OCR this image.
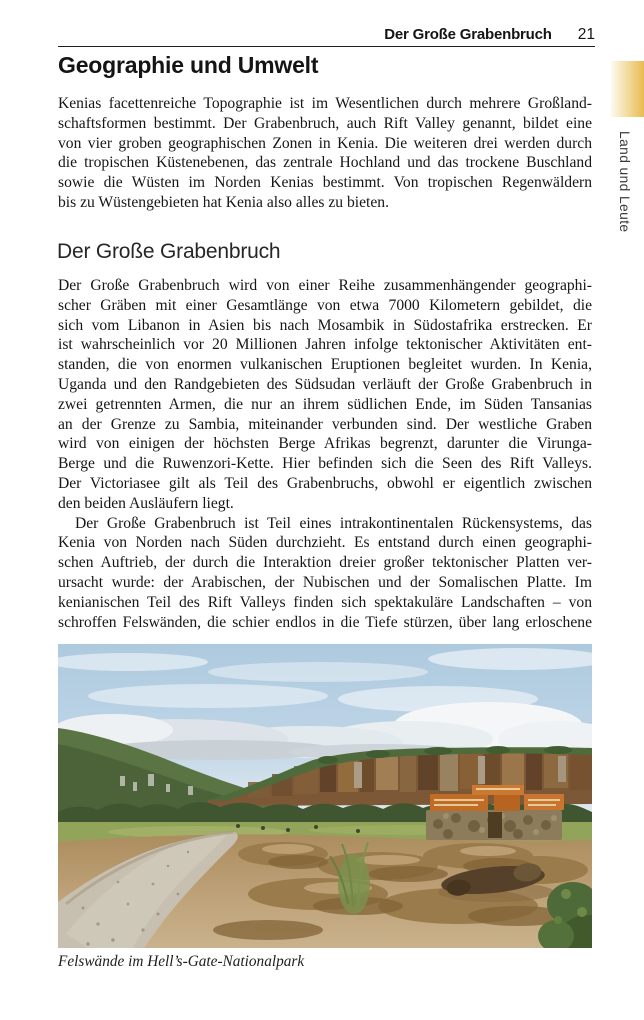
Der Große Grabenbruch 21
Land und Leute
Geographie und Umwelt
Kenias facettenreiche Topographie ist im Wesentlichen durch mehrere Großland-
schaftsformen bestimmt. Der Grabenbruch, auch Rift Valley genannt, bildet eine
von vier groben geographischen Zonen in Kenia. Die weiteren drei werden durch
die tropischen Küstenebenen, das zentrale Hochland und das trockene Buschland
sowie die Wüsten im Norden Kenias bestimmt. Von tropischen Regenwäldern
bis zu Wüstengebieten hat Kenia also alles zu bieten.
Der Große Grabenbruch
Der Große Grabenbruch wird von einer Reihe zusammenhängender geographi-
scher Gräben mit einer Gesamtlänge von etwa 7000 Kilometern gebildet, die
sich vom Libanon in Asien bis nach Mosambik in Südostafrika erstrecken. Er
ist wahrscheinlich vor 20 Millionen Jahren infolge tektonischer Aktivitäten ent-
standen, die von enormen vulkanischen Eruptionen begleitet wurden. In Kenia,
Uganda und den Randgebieten des Südsudan verläuft der Große Grabenbruch in
zwei getrennten Armen, die nur an ihrem südlichen Ende, im Süden Tansanias
an der Grenze zu Sambia, miteinander verbunden sind. Der westliche Graben
wird von einigen der höchsten Berge Afrikas begrenzt, darunter die Virunga-
Berge und die Ruwenzori-Kette. Hier befinden sich die Seen des Rift Valleys.
Der Victoriasee gilt als Teil des Grabenbruchs, obwohl er eigentlich zwischen
den beiden Ausläufern liegt.
Der Große Grabenbruch ist Teil eines intrakontinentalen Rückensystems, das
Kenia von Norden nach Süden durchzieht. Es entstand durch einen geographi-
schen Auftrieb, der durch die Interaktion dreier großer tektonischer Platten ver-
ursacht wurde: der Arabischen, der Nubischen und der Somalischen Platte. Im
kenianischen Teil des Rift Valleys finden sich spektakuläre Landschaften – von
schroffen Felswänden, die schier endlos in die Tiefe stürzen, über lang erloschene
Felswände im Hell’s-Gate-Nationalpark
